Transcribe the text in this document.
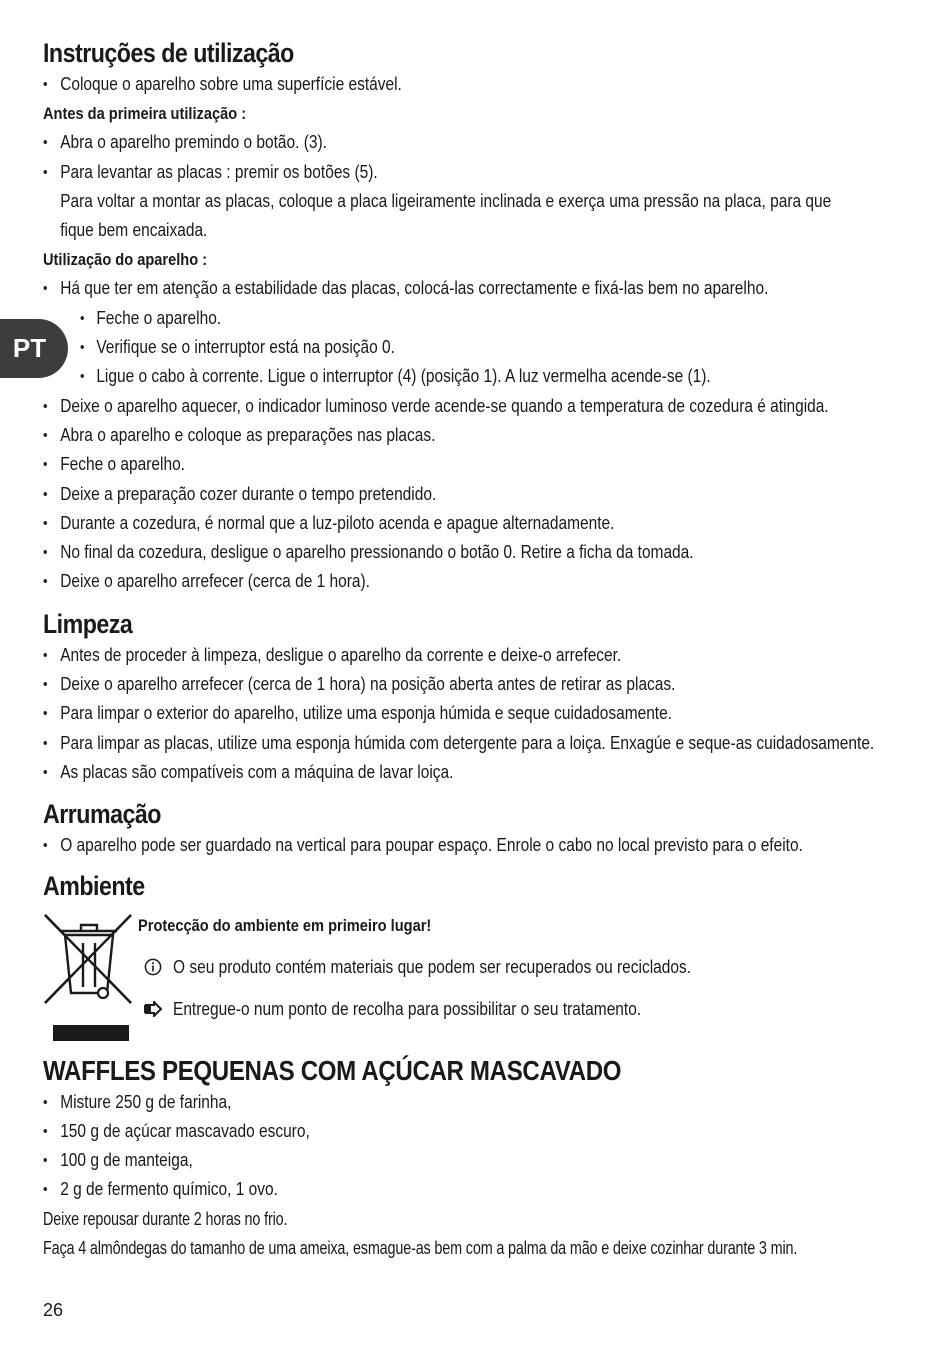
PT
Instruções de utilização
• Coloque o aparelho sobre uma superfície estável.
Antes da primeira utilização :
• Abra o aparelho premindo o botão. (3).
• Para levantar as placas : premir os botões (5).
Para voltar a montar as placas, coloque a placa ligeiramente inclinada e exerça uma pressão na placa, para que
fique bem encaixada.
Utilização do aparelho :
• Há que ter em atenção a estabilidade das placas, colocá-las correctamente e fixá-las bem no aparelho.
• Feche o aparelho.
• Verifique se o interruptor está na posição 0.
• Ligue o cabo à corrente. Ligue o interruptor (4) (posição 1). A luz vermelha acende-se (1).
• Deixe o aparelho aquecer, o indicador luminoso verde acende-se quando a temperatura de cozedura é atingida.
• Abra o aparelho e coloque as preparações nas placas.
• Feche o aparelho.
• Deixe a preparação cozer durante o tempo pretendido.
• Durante a cozedura, é normal que a luz-piloto acenda e apague alternadamente.
• No final da cozedura, desligue o aparelho pressionando o botão 0. Retire a ficha da tomada.
• Deixe o aparelho arrefecer (cerca de 1 hora).
Limpeza
• Antes de proceder à limpeza, desligue o aparelho da corrente e deixe-o arrefecer.
• Deixe o aparelho arrefecer (cerca de 1 hora) na posição aberta antes de retirar as placas.
• Para limpar o exterior do aparelho, utilize uma esponja húmida e seque cuidadosamente.
• Para limpar as placas, utilize uma esponja húmida com detergente para a loiça. Enxagúe e seque-as cuidadosamente.
• As placas são compatíveis com a máquina de lavar loiça.
Arrumação
• O aparelho pode ser guardado na vertical para poupar espaço. Enrole o cabo no local previsto para o efeito.
Ambiente
Protecção do ambiente em primeiro lugar!
O seu produto contém materiais que podem ser recuperados ou reciclados.
Entregue-o num ponto de recolha para possibilitar o seu tratamento.
WAFFLES PEQUENAS COM AÇÚCAR MASCAVADO
• Misture 250 g de farinha,
• 150 g de açúcar mascavado escuro,
• 100 g de manteiga,
• 2 g de fermento químico, 1 ovo.
Deixe repousar durante 2 horas no frio.
Faça 4 almôndegas do tamanho de uma ameixa, esmague-as bem com a palma da mão e deixe cozinhar durante 3 min.
26
